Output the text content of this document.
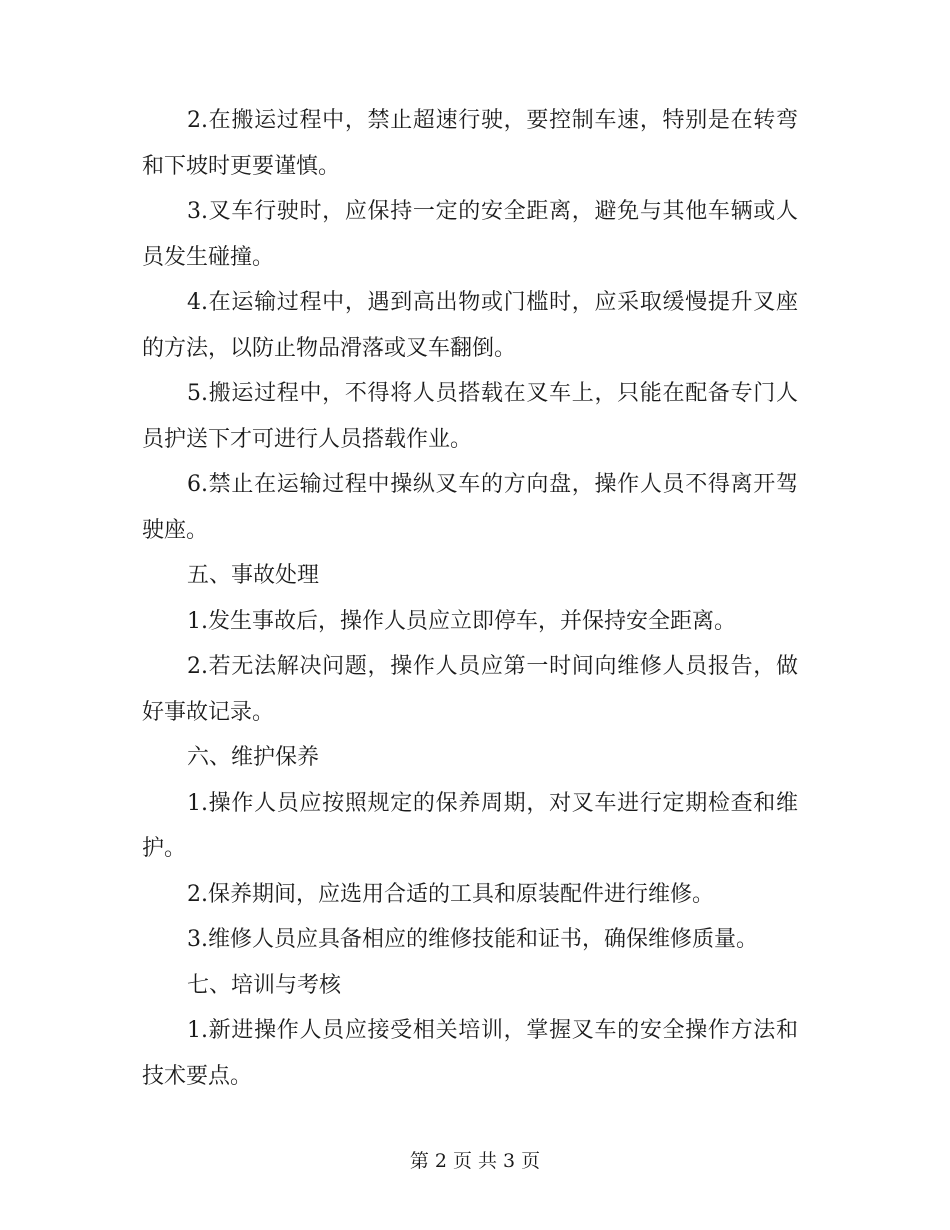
2.在搬运过程中，禁止超速行驶，要控制车速，特别是在转弯和下坡时更要谨慎。

3.叉车行驶时，应保持一定的安全距离，避免与其他车辆或人员发生碰撞。

4.在运输过程中，遇到高出物或门槛时，应采取缓慢提升叉座的方法，以防止物品滑落或叉车翻倒。

5.搬运过程中，不得将人员搭载在叉车上，只能在配备专门人员护送下才可进行人员搭载作业。

6.禁止在运输过程中操纵叉车的方向盘，操作人员不得离开驾驶座。

五、事故处理

1.发生事故后，操作人员应立即停车，并保持安全距离。

2.若无法解决问题，操作人员应第一时间向维修人员报告，做好事故记录。

六、维护保养

1.操作人员应按照规定的保养周期，对叉车进行定期检查和维护。

2.保养期间，应选用合适的工具和原装配件进行维修。

3.维修人员应具备相应的维修技能和证书，确保维修质量。

七、培训与考核

1.新进操作人员应接受相关培训，掌握叉车的安全操作方法和技术要点。

第 2 页 共 3 页
